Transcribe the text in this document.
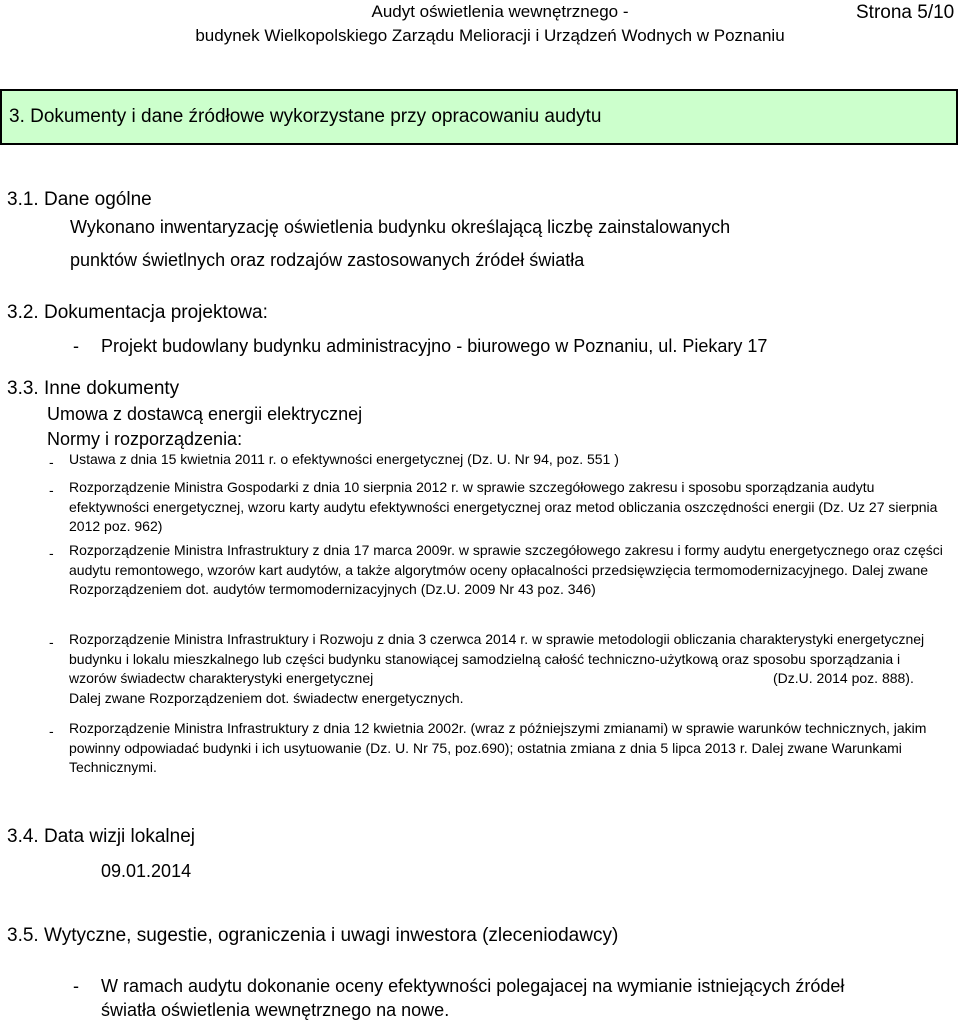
Audyt oświetlenia wewnętrznego -
budynek Wielkopolskiego Zarządu Melioracji i Urządzeń Wodnych w Poznaniu
Strona 5/10
3. Dokumenty i dane źródłowe wykorzystane przy opracowaniu audytu
3.1. Dane ogólne
Wykonano inwentaryzację oświetlenia budynku określającą liczbę zainstalowanych
punktów świetlnych oraz rodzajów zastosowanych źródeł światła
3.2. Dokumentacja projektowa:
- Projekt budowlany budynku administracyjno - biurowego w Poznaniu, ul. Piekary 17
3.3. Inne dokumenty
Umowa z dostawcą energii elektrycznej
Normy i rozporządzenia:
- Ustawa z dnia 15 kwietnia 2011 r. o efektywności energetycznej (Dz. U. Nr 94, poz. 551 )
- Rozporządzenie Ministra Gospodarki z dnia 10 sierpnia 2012 r. w sprawie szczegółowego zakresu i sposobu sporządzania audytu efektywności energetycznej, wzoru karty audytu efektywności energetycznej oraz metod obliczania oszczędności energii (Dz. Uz 27 sierpnia 2012 poz. 962)
- Rozporządzenie Ministra Infrastruktury z dnia 17 marca 2009r. w sprawie szczegółowego zakresu i formy audytu energetycznego oraz części audytu remontowego, wzorów kart audytów, a także algorytmów oceny opłacalności przedsięwzięcia termomodernizacyjnego. Dalej zwane Rozporządzeniem dot. audytów termomodernizacyjnych (Dz.U. 2009 Nr 43 poz. 346)
- Rozporządzenie Ministra Infrastruktury i Rozwoju z dnia 3 czerwca 2014 r. w sprawie metodologii obliczania charakterystyki energetycznej budynku i lokalu mieszkalnego lub części budynku stanowiącej samodzielną całość techniczno-użytkową oraz sposobu sporządzania i wzorów świadectw charakterystyki energetycznej	(Dz.U. 2014 poz. 888).
Dalej zwane Rozporządzeniem dot. świadectw energetycznych.
- Rozporządzenie Ministra Infrastruktury z dnia 12 kwietnia 2002r. (wraz z późniejszymi zmianami) w sprawie warunków technicznych, jakim powinny odpowiadać budynki i ich usytuowanie (Dz. U. Nr 75, poz.690); ostatnia zmiana z dnia 5 lipca 2013 r. Dalej zwane Warunkami Technicznymi.
3.4. Data wizji lokalnej
09.01.2014
3.5. Wytyczne, sugestie, ograniczenia i uwagi inwestora (zleceniodawcy)
- W ramach audytu dokonanie oceny efektywności polegajacej na wymianie istniejących źródeł
światła oświetlenia wewnętrznego na nowe.
